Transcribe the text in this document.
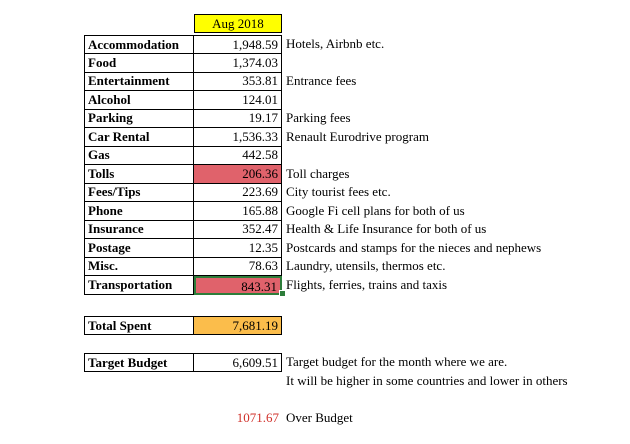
Aug 2018
Accommodation	1,948.59 Hotels, Airbnb etc.
Food	1,374.03
Entertainment	353.81 Entrance fees
Alcohol	124.01
Parking	19.17 Parking fees
Car Rental	1,536.33 Renault Eurodrive program
Gas	442.58
Tolls	206.36 Toll charges
Fees/Tips	223.69 City tourist fees etc.
Phone	165.88 Google Fi cell plans for both of us
Insurance	352.47 Health & Life Insurance for both of us
Postage	12.35 Postcards and stamps for the nieces and nephews
Misc.	78.63 Laundry, utensils, thermos etc.
Transportation	843.31 Flights, ferries, trains and taxis
Total Spent	7,681.19
Target Budget	6,609.51 Target budget for the month where we are.
It will be higher in some countries and lower in others
1071.67 Over Budget
